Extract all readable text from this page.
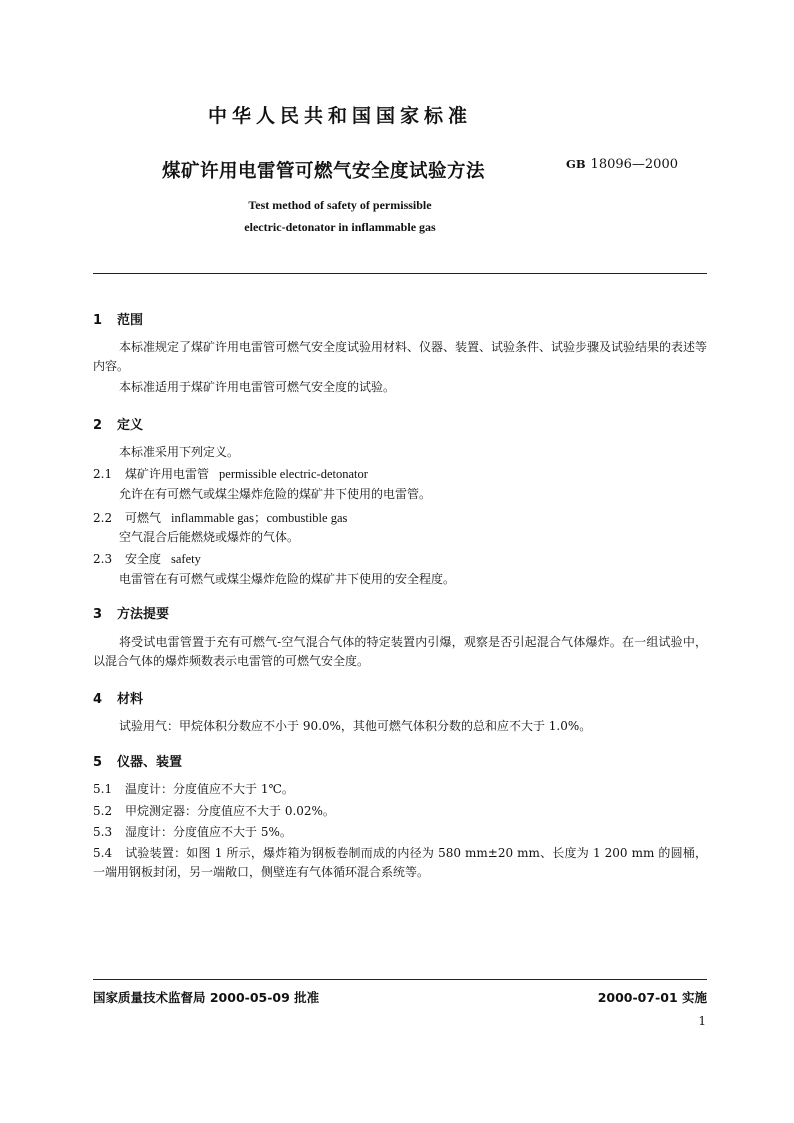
中华人民共和国国家标准
煤矿许用电雷管可燃气安全度试验方法	GB 18096—2000
Test method of safety of permissible
electric-detonator in inflammable gas
1 范围
本标准规定了煤矿许用电雷管可燃气安全度试验用材料、仪器、装置、试验条件、试验步骤及试验结果的表述等内容。
本标准适用于煤矿许用电雷管可燃气安全度的试验。
2 定义
本标准采用下列定义。
2.1 煤矿许用电雷管 permissible electric-detonator
允许在有可燃气或煤尘爆炸危险的煤矿井下使用的电雷管。
2.2 可燃气 inflammable gas；combustible gas
空气混合后能燃烧或爆炸的气体。
2.3 安全度 safety
电雷管在有可燃气或煤尘爆炸危险的煤矿井下使用的安全程度。
3 方法提要
将受试电雷管置于充有可燃气-空气混合气体的特定装置内引爆，观察是否引起混合气体爆炸。在一组试验中，以混合气体的爆炸频数表示电雷管的可燃气安全度。
4 材料
试验用气：甲烷体积分数应不小于 90.0%，其他可燃气体积分数的总和应不大于 1.0%。
5 仪器、装置
5.1 温度计：分度值应不大于 1℃。
5.2 甲烷测定器：分度值应不大于 0.02%。
5.3 湿度计：分度值应不大于 5%。
5.4 试验装置：如图 1 所示，爆炸箱为钢板卷制而成的内径为 580 mm±20 mm、长度为 1 200 mm 的圆桶，一端用钢板封闭，另一端敞口，侧壁连有气体循环混合系统等。
国家质量技术监督局 2000-05-09 批准	2000-07-01 实施
1
